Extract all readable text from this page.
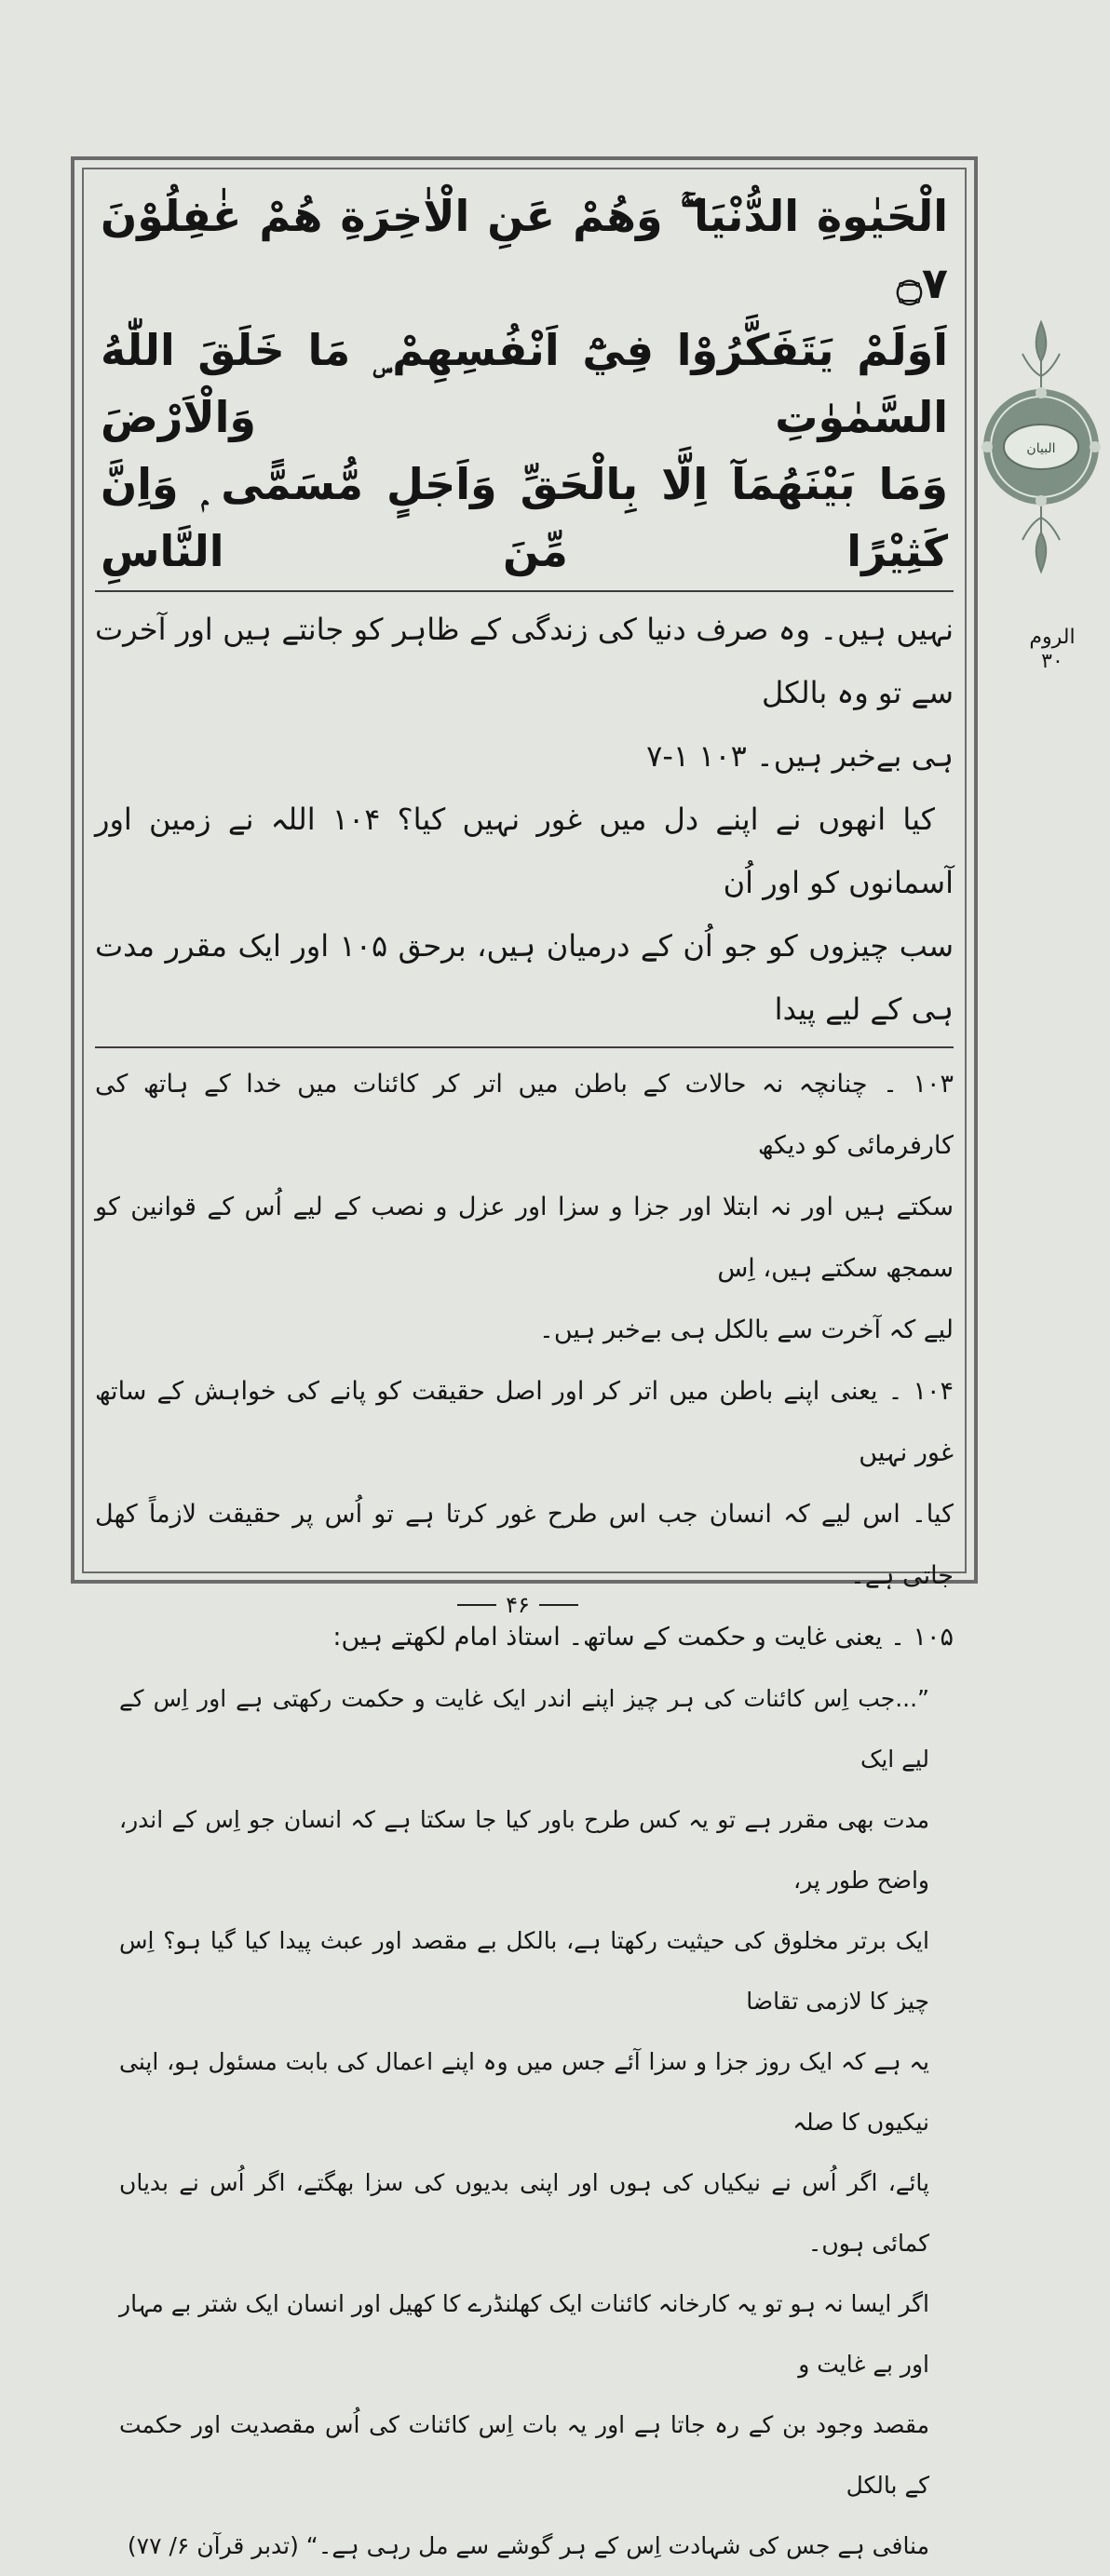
الْحَيٰوةِ الدُّنْيَا ۚۖ وَهُمْ عَنِ الْاٰخِرَةِ هُمْ غٰفِلُوْنَ ۝٧
اَوَلَمْ يَتَفَكَّرُوْا فِيْٓ اَنْفُسِهِمْ ۣ مَا خَلَقَ اللّٰهُ السَّمٰوٰتِ وَالْاَرْضَ
وَمَا بَيْنَهُمَآ اِلَّا بِالْحَقِّ وَاَجَلٍ مُّسَمًّى ۭ وَاِنَّ كَثِيْرًا مِّنَ النَّاسِ

نہیں ہیں۔ وہ صرف دنیا کی زندگی کے ظاہر کو جانتے ہیں اور آخرت سے تو وہ بالکل

ہی بےخبر ہیں۔ ۱۰۳ ۱-۷

کیا انھوں نے اپنے دل میں غور نہیں کیا؟ ۱۰۴ اللہ نے زمین اور آسمانوں کو اور اُن

سب چیزوں کو جو اُن کے درمیان ہیں، برحق ۱۰۵ اور ایک مقرر مدت ہی کے لیے پیدا

۱۰۳ ۔ چنانچہ نہ حالات کے باطن میں اتر کر کائنات میں خدا کے ہاتھ کی کارفرمائی کو دیکھ

سکتے ہیں اور نہ ابتلا اور جزا و سزا اور عزل و نصب کے لیے اُس کے قوانین کو سمجھ سکتے ہیں، اِس

لیے کہ آخرت سے بالکل ہی بےخبر ہیں۔

۱۰۴ ۔ یعنی اپنے باطن میں اتر کر اور اصل حقیقت کو پانے کی خواہش کے ساتھ غور نہیں

کیا۔ اس لیے کہ انسان جب اس طرح غور کرتا ہے تو اُس پر حقیقت لازماً کھل جاتی ہے۔

۱۰۵ ۔ یعنی غایت و حکمت کے ساتھ۔ استاذ امام لکھتے ہیں:

”...جب اِس کائنات کی ہر چیز اپنے اندر ایک غایت و حکمت رکھتی ہے اور اِس کے لیے ایک

مدت بھی مقرر ہے تو یہ کس طرح باور کیا جا سکتا ہے کہ انسان جو اِس کے اندر، واضح طور پر،

ایک برتر مخلوق کی حیثیت رکھتا ہے، بالکل بے مقصد اور عبث پیدا کیا گیا ہو؟ اِس چیز کا لازمی تقاضا

یہ ہے کہ ایک روز جزا و سزا آئے جس میں وہ اپنے اعمال کی بابت مسئول ہو، اپنی نیکیوں کا صلہ

پائے، اگر اُس نے نیکیاں کی ہوں اور اپنی بدیوں کی سزا بھگتے، اگر اُس نے بدیاں کمائی ہوں۔

اگر ایسا نہ ہو تو یہ کارخانہ کائنات ایک کھلنڈرے کا کھیل اور انسان ایک شتر بے مہار اور بے غایت و

مقصد وجود بن کے رہ جاتا ہے اور یہ بات اِس کائنات کی اُس مقصدیت اور حکمت کے بالکل

منافی ہے جس کی شہادت اِس کے ہر گوشے سے مل رہی ہے۔“ (تدبر قرآن ۶/ ۷۷)

۴۶
البیان
الروم
۳۰
